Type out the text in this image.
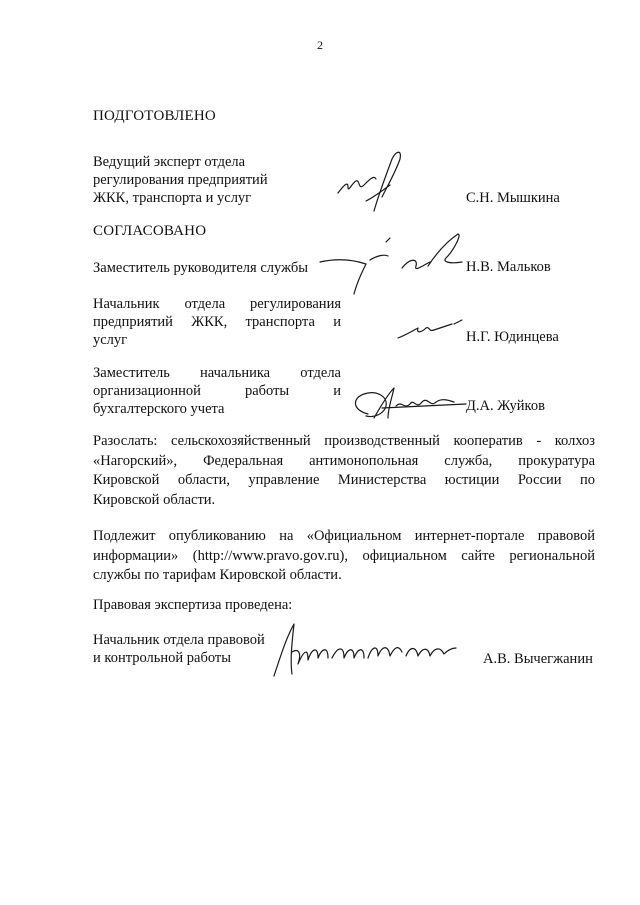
2
ПОДГОТОВЛЕНО
Ведущий эксперт отдела
регулирования предприятий
ЖКК, транспорта и услуг	С.Н. Мышкина
СОГЛАСОВАНО
Заместитель руководителя службы	Н.В. Мальков
Начальник отдела регулирования
предприятий ЖКК, транспорта и
услуг	Н.Г. Юдинцева
Заместитель начальника отдела
организационной работы и
бухгалтерского учета	Д.А. Жуйков
Разослать: сельскохозяйственный производственный кооператив - колхоз
«Нагорский», Федеральная антимонопольная служба, прокуратура
Кировской области, управление Министерства юстиции России по
Кировской области.
Подлежит опубликованию на «Официальном интернет-портале правовой
информации» (http://www.pravo.gov.ru), официальном сайте региональной
службы по тарифам Кировской области.
Правовая экспертиза проведена:
Начальник отдела правовой
и контрольной работы	А.В. Вычегжанин
